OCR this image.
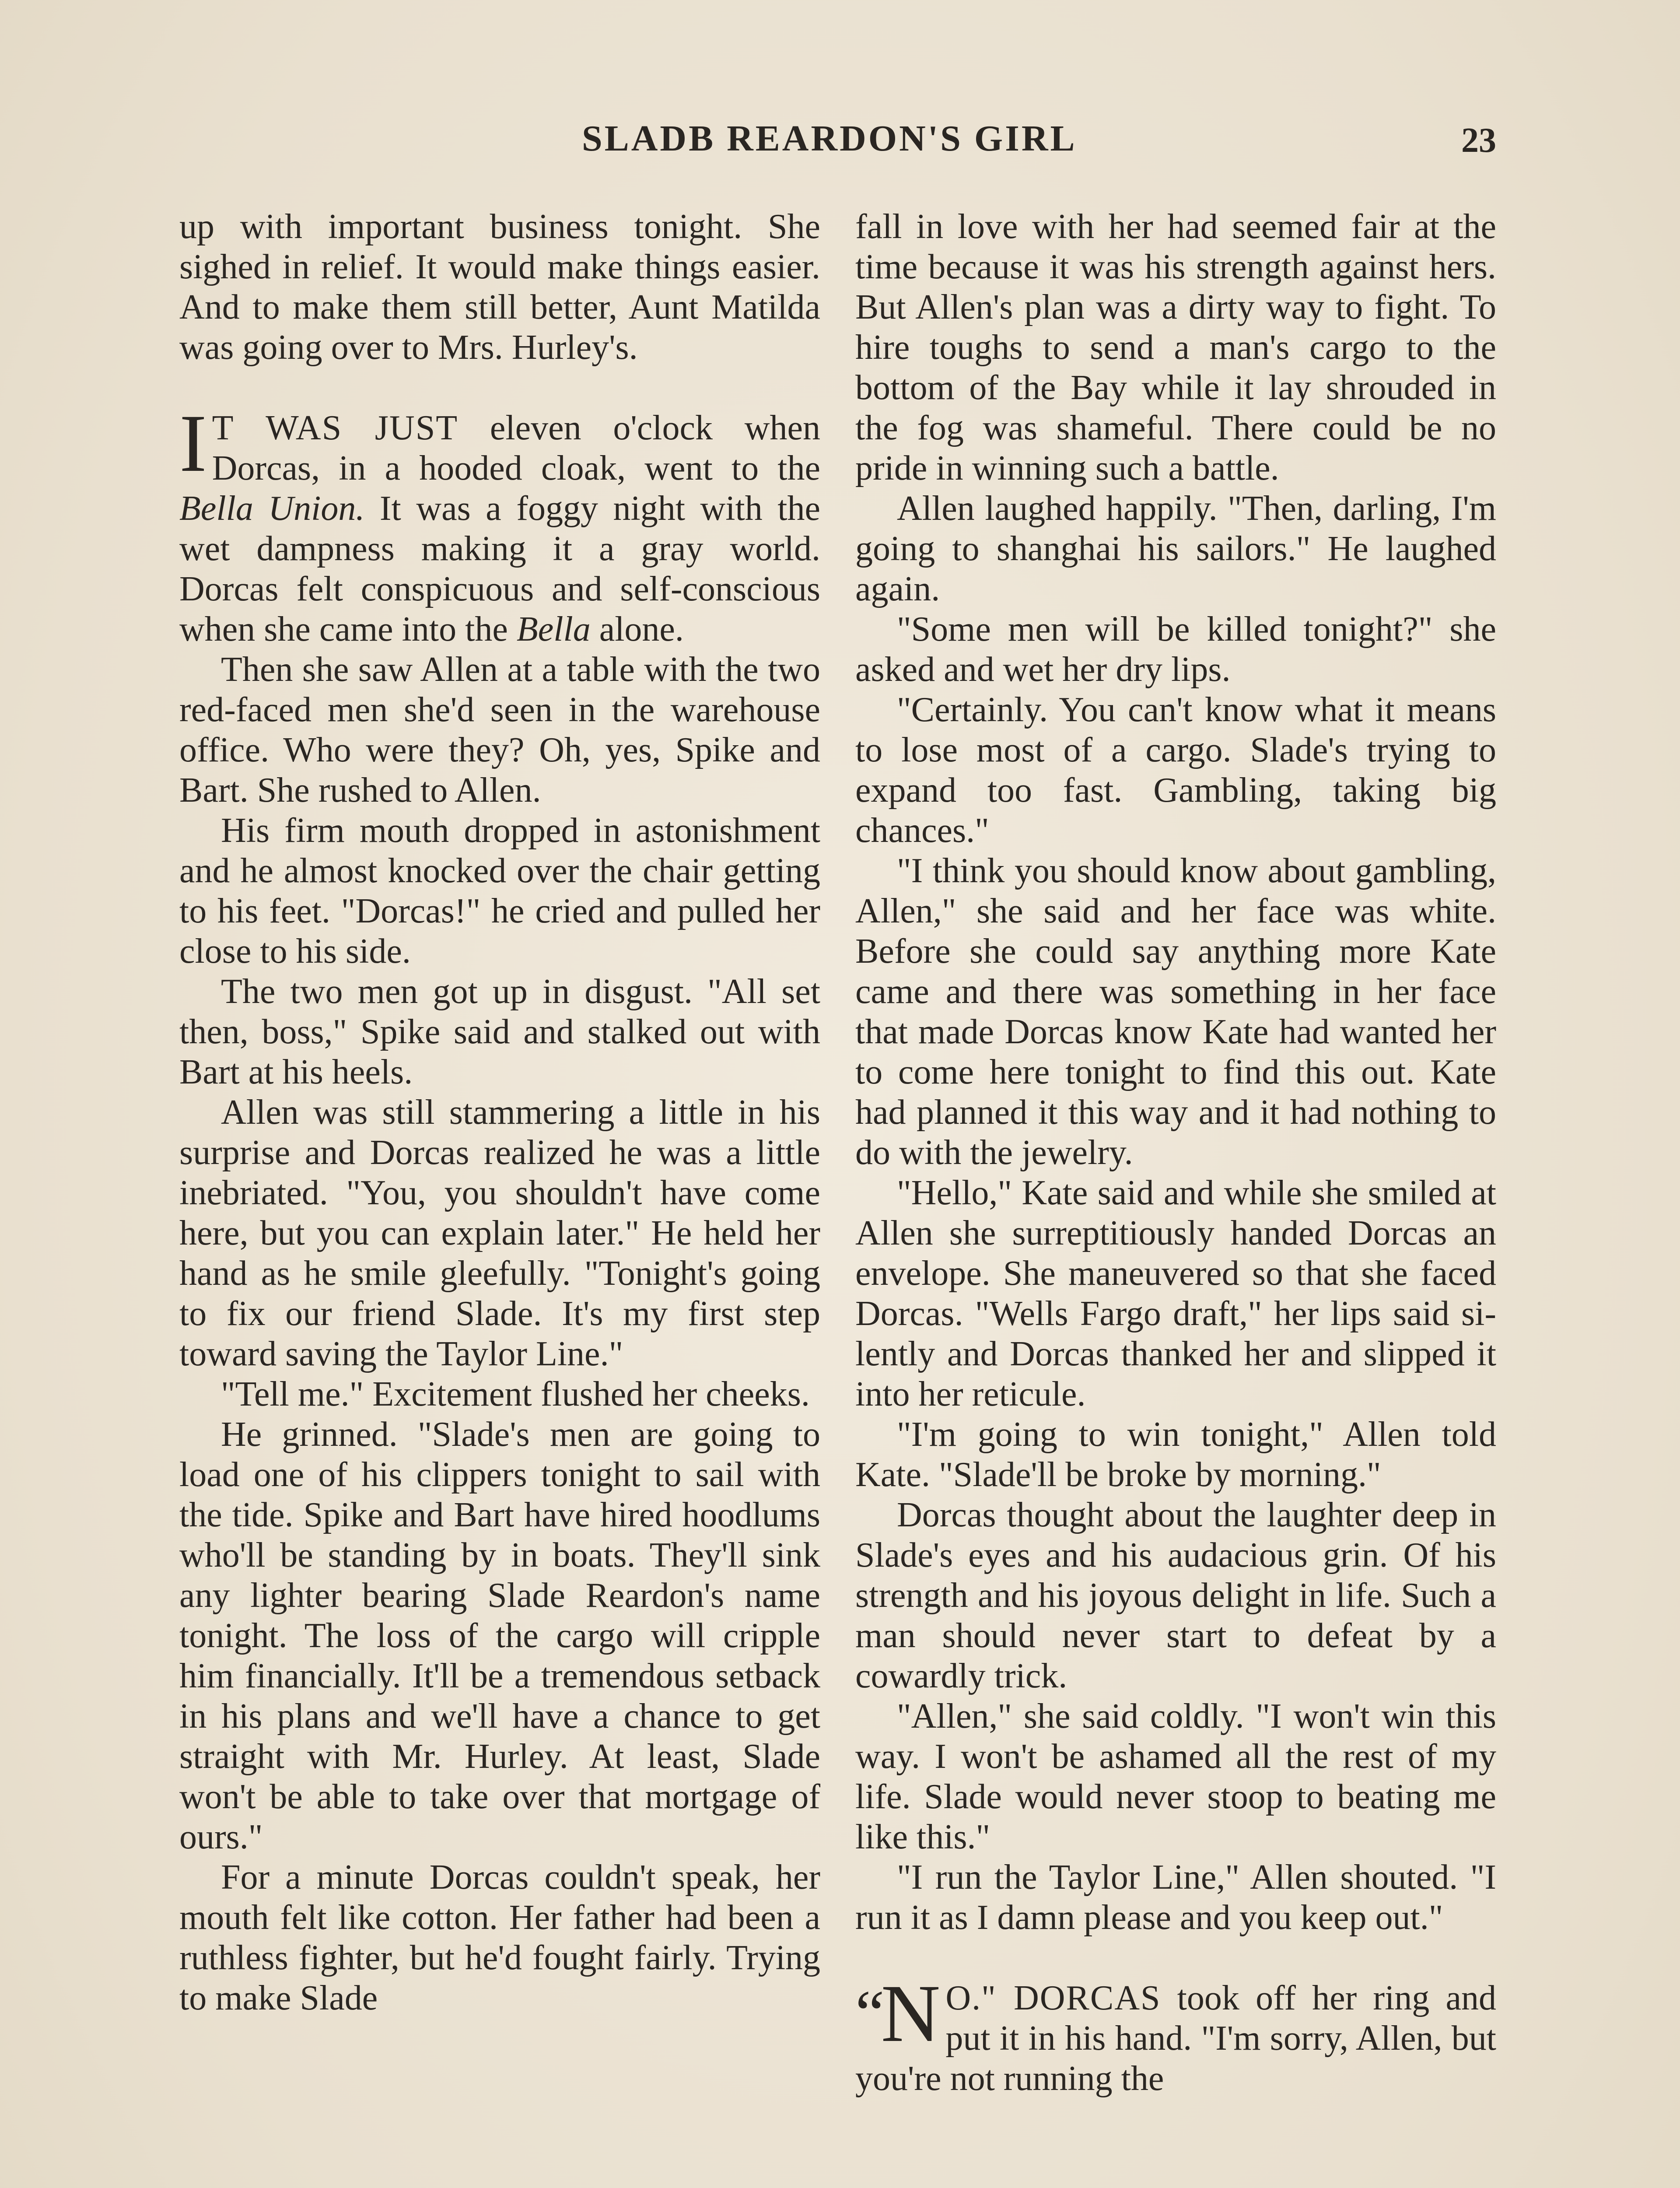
SLADB REARDON'S GIRL	23

up with important business tonight. She sighed in relief. It would make things easier. And to make them still better, Aunt Matilda was going over to Mrs. Hurley's.

I T WAS JUST eleven o'clock when Dorcas, in a hooded cloak, went to the Bella Union. It was a foggy night with the wet dampness making it a gray world. Dorcas felt conspicuous and self-conscious when she came into the Bella alone.

Then she saw Allen at a table with the two red-faced men she'd seen in the warehouse office. Who were they? Oh, yes, Spike and Bart. She rushed to Allen.

His firm mouth dropped in astonishment and he almost knocked over the chair getting to his feet. "Dorcas!" he cried and pulled her close to his side.

The two men got up in disgust. "All set then, boss," Spike said and stalked out with Bart at his heels.

Allen was still stammering a little in his surprise and Dorcas realized he was a little inebriated. "You, you shouldn't have come here, but you can explain later." He held her hand as he smile gleefully. "Tonight's going to fix our friend Slade. It's my first step toward saving the Taylor Line."

"Tell me." Excitement flushed her cheeks.

He grinned. "Slade's men are going to load one of his clippers tonight to sail with the tide. Spike and Bart have hired hoodlums who'll be standing by in boats. They'll sink any lighter bearing Slade Reardon's name tonight. The loss of the cargo will cripple him financially. It'll be a tremendous setback in his plans and we'll have a chance to get straight with Mr. Hurley. At least, Slade won't be able to take over that mortgage of ours."

For a minute Dorcas couldn't speak, her mouth felt like cotton. Her father had been a ruthless fighter, but he'd fought fairly. Trying to make Slade

fall in love with her had seemed fair at the time because it was his strength against hers. But Allen's plan was a dirty way to fight. To hire toughs to send a man's cargo to the bottom of the Bay while it lay shrouded in the fog was shameful. There could be no pride in winning such a battle.

Allen laughed happily. "Then, darling, I'm going to shanghai his sailors." He laughed again.

"Some men will be killed tonight?" she asked and wet her dry lips.

"Certainly. You can't know what it means to lose most of a cargo. Slade's trying to expand too fast. Gambling, taking big chances."

"I think you should know about gambling, Allen," she said and her face was white. Before she could say anything more Kate came and there was something in her face that made Dorcas know Kate had wanted her to come here tonight to find this out. Kate had planned it this way and it had nothing to do with the jewelry.

"Hello," Kate said and while she smiled at Allen she surreptitiously handed Dorcas an envelope. She maneuvered so that she faced Dorcas. "Wells Fargo draft," her lips said silently and Dorcas thanked her and slipped it into her reticule.

"I'm going to win tonight," Allen told Kate. "Slade'll be broke by morning."

Dorcas thought about the laughter deep in Slade's eyes and his audacious grin. Of his strength and his joyous delight in life. Such a man should never start to defeat by a cowardly trick.

"Allen," she said coldly. "I won't win this way. I won't be ashamed all the rest of my life. Slade would never stoop to beating me like this."

"I run the Taylor Line," Allen shouted. "I run it as I damn please and you keep out."

“ N O." DORCAS took off her ring and put it in his hand. "I'm sorry, Allen, but you're not running the
